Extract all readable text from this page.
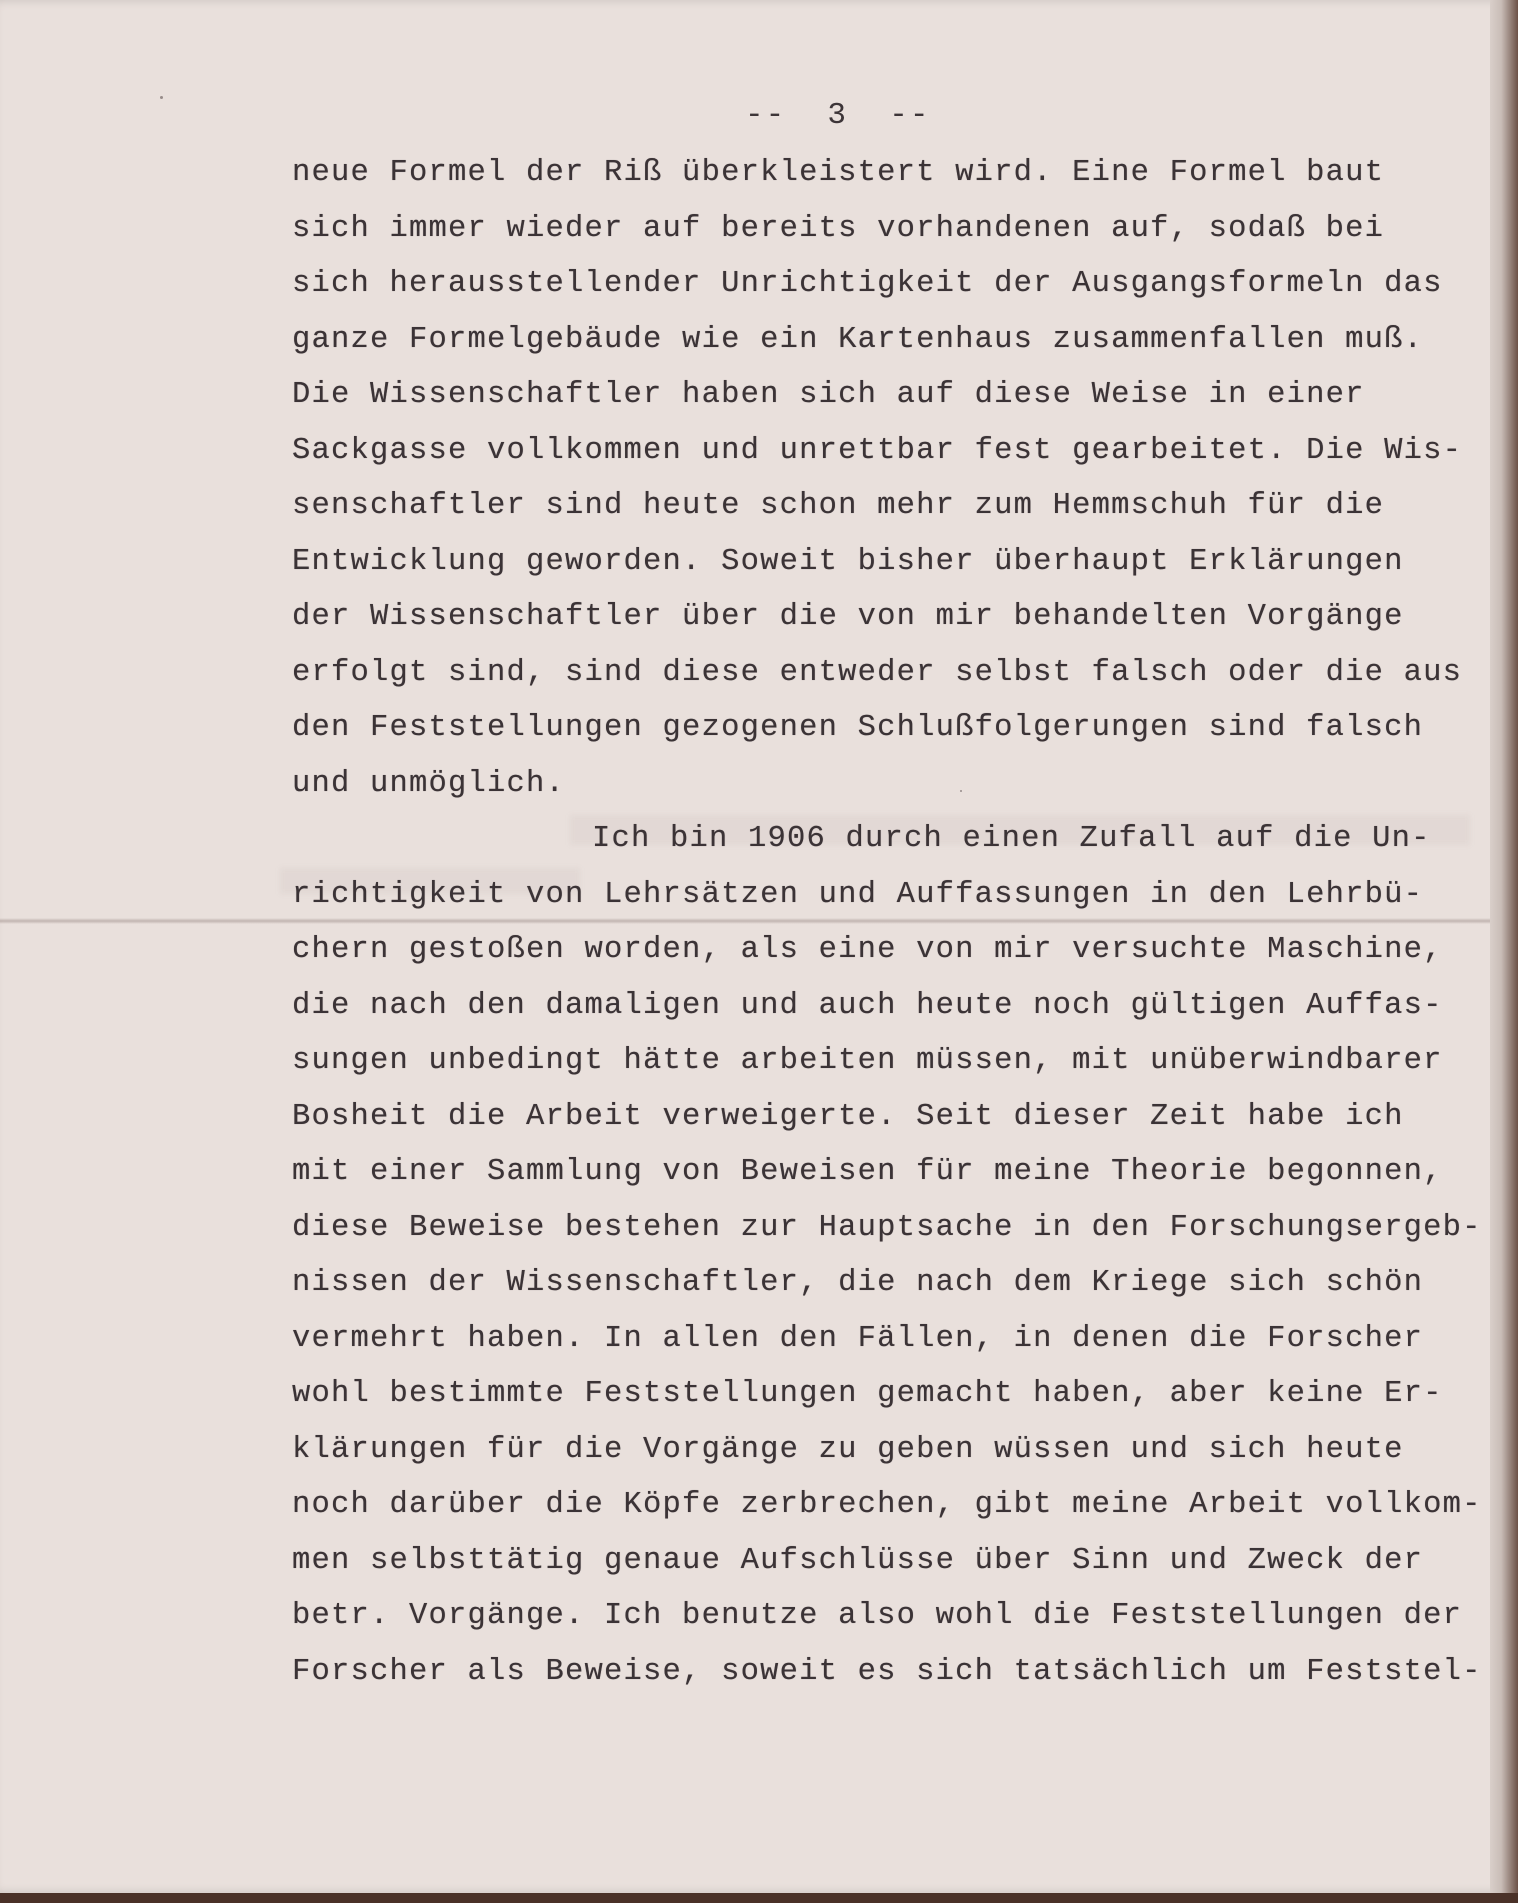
--  3  --
neue Formel der Riß überkleistert wird. Eine Formel baut
sich immer wieder auf bereits vorhandenen auf, sodaß bei
sich herausstellender Unrichtigkeit der Ausgangsformeln das
ganze Formelgebäude wie ein Kartenhaus zusammenfallen muß.
Die Wissenschaftler haben sich auf diese Weise in einer
Sackgasse vollkommen und unrettbar fest gearbeitet. Die Wis-
senschaftler sind heute schon mehr zum Hemmschuh für die
Entwicklung geworden. Soweit bisher überhaupt Erklärungen
der Wissenschaftler über die von mir behandelten Vorgänge
erfolgt sind, sind diese entweder selbst falsch oder die aus
den Feststellungen gezogenen Schlußfolgerungen sind falsch
und unmöglich.
Ich bin 1906 durch einen Zufall auf die Un-
richtigkeit von Lehrsätzen und Auffassungen in den Lehrbü-
chern gestoßen worden, als eine von mir versuchte Maschine,
die nach den damaligen und auch heute noch gültigen Auffas-
sungen unbedingt hätte arbeiten müssen, mit unüberwindbarer
Bosheit die Arbeit verweigerte. Seit dieser Zeit habe ich
mit einer Sammlung von Beweisen für meine Theorie begonnen,
diese Beweise bestehen zur Hauptsache in den Forschungsergeb-
nissen der Wissenschaftler, die nach dem Kriege sich schön
vermehrt haben. In allen den Fällen, in denen die Forscher
wohl bestimmte Feststellungen gemacht haben, aber keine Er-
klärungen für die Vorgänge zu geben wüssen und sich heute
noch darüber die Köpfe zerbrechen, gibt meine Arbeit vollkom-
men selbsttätig genaue Aufschlüsse über Sinn und Zweck der
betr. Vorgänge. Ich benutze also wohl die Feststellungen der
Forscher als Beweise, soweit es sich tatsächlich um Feststel-
